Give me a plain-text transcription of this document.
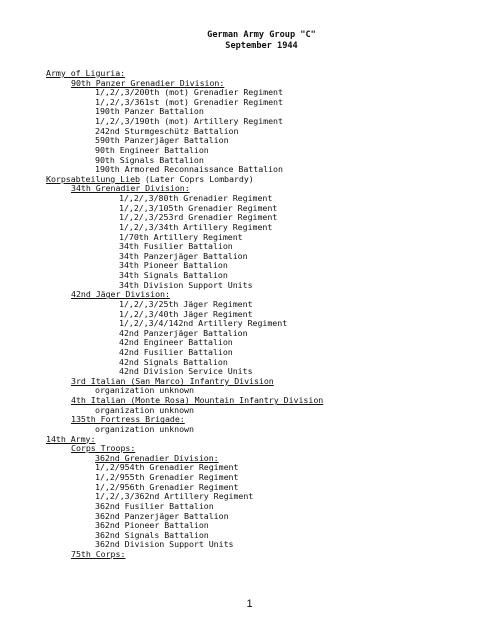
German Army Group "C"
September 1944
Army of Liguria:
90th Panzer Grenadier Division:
1/,2/,3/200th (mot) Grenadier Regiment
1/,2/,3/361st (mot) Grenadier Regiment
190th Panzer Battalion
1/,2/,3/190th (mot) Artillery Regiment
242nd Sturmgeschütz Battalion
590th Panzerjäger Battalion
90th Engineer Battalion
90th Signals Battalion
190th Armored Reconnaissance Battalion
Korpsabteilung Lieb (Later Coprs Lombardy)
34th Grenadier Division:
1/,2/,3/80th Grenadier Regiment
1/,2/,3/105th Grenadier Regiment
1/,2/,3/253rd Grenadier Regiment
1/,2/,3/34th Artillery Regiment
1/70th Artillery Regiment
34th Fusilier Battalion
34th Panzerjäger Battalion
34th Pioneer Battalion
34th Signals Battalion
34th Division Support Units
42nd Jäger Division:
1/,2/,3/25th Jäger Regiment
1/,2/,3/40th Jäger Regiment
1/,2/,3/4/142nd Artillery Regiment
42nd Panzerjäger Battalion
42nd Engineer Battalion
42nd Fusilier Battalion
42nd Signals Battalion
42nd Division Service Units
3rd Italian (San Marco) Infantry Division
organization unknown
4th Italian (Monte Rosa) Mountain Infantry Division
organization unknown
135th Fortress Brigade:
organization unknown
14th Army:
Corps Troops:
362nd Grenadier Division:
1/,2/954th Grenadier Regiment
1/,2/955th Grenadier Regiment
1/,2/956th Grenadier Regiment
1/,2/,3/362nd Artillery Regiment
362nd Fusilier Battalion
362nd Panzerjäger Battalion
362nd Pioneer Battalion
362nd Signals Battalion
362nd Division Support Units
75th Corps:
1
